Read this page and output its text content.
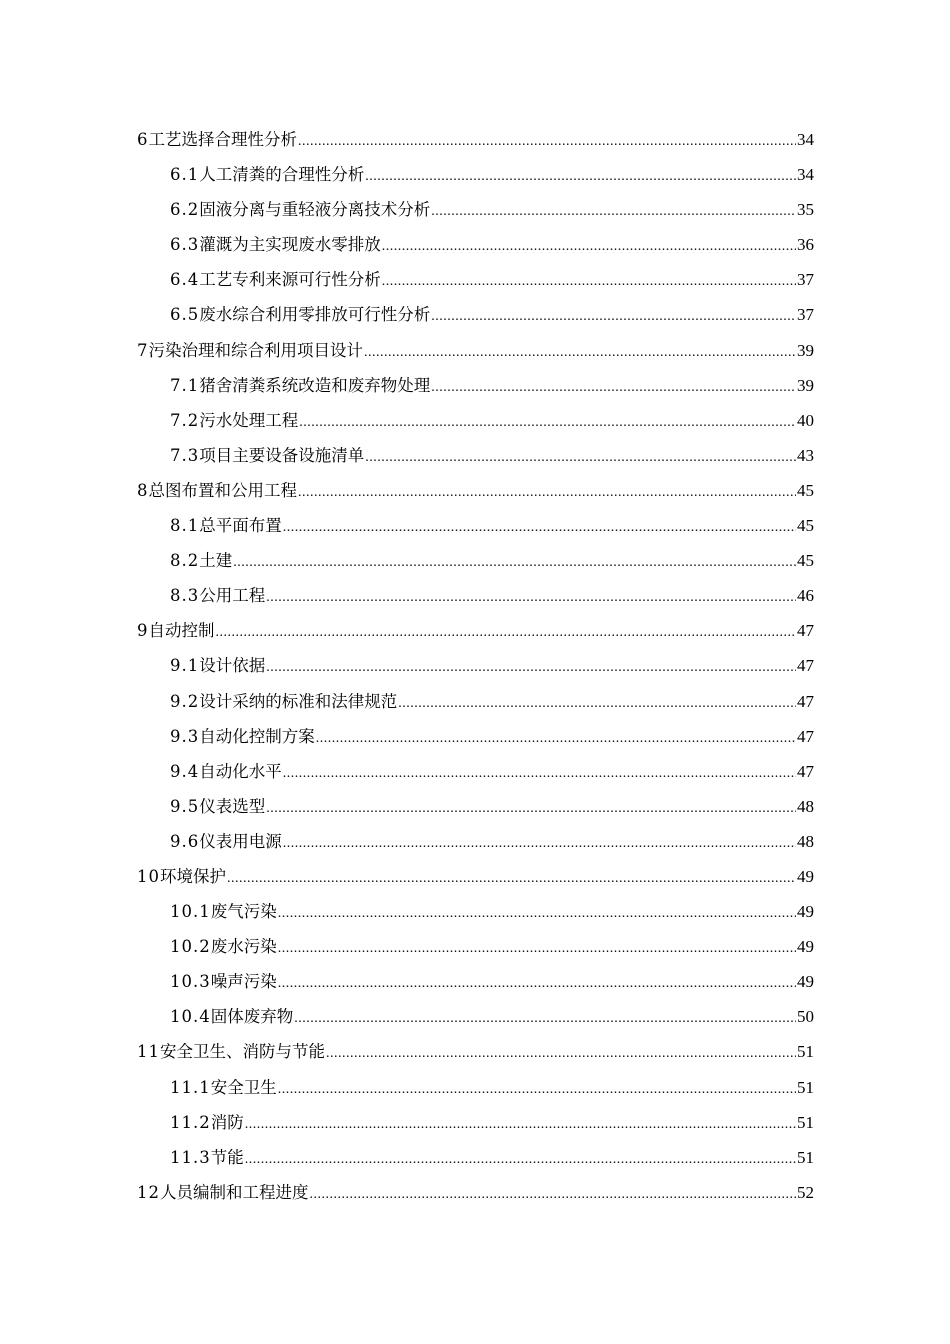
6 工艺选择合理性分析 .....	34
6.1 人工清粪的合理性分析 .....	34
6.2 固液分离与重轻液分离技术分析 .....	35
6.3 灌溉为主实现废水零排放 .....	36
6.4 工艺专利来源可行性分析 .....	37
6.5 废水综合利用零排放可行性分析 .....	37
7 污染治理和综合利用项目设计 .....	39
7.1 猪舍清粪系统改造和废弃物处理 .....	39
7.2 污水处理工程 .....	40
7.3 项目主要设备设施清单 .....	43
8 总图布置和公用工程 .....	45
8.1 总平面布置 .....	45
8.2 土建 .....	45
8.3 公用工程 .....	46
9 自动控制 .....	47
9.1 设计依据 .....	47
9.2 设计采纳的标准和法律规范 .....	47
9.3 自动化控制方案 .....	47
9.4 自动化水平 .....	47
9.5 仪表选型 .....	48
9.6 仪表用电源 .....	48
10 环境保护 .....	49
10.1 废气污染 .....	49
10.2 废水污染 .....	49
10.3 噪声污染 .....	49
10.4 固体废弃物 .....	50
11 安全卫生、消防与节能 .....	51
11.1 安全卫生 .....	51
11.2 消防 .....	51
11.3 节能 .....	51
12 人员编制和工程进度 .....	52
